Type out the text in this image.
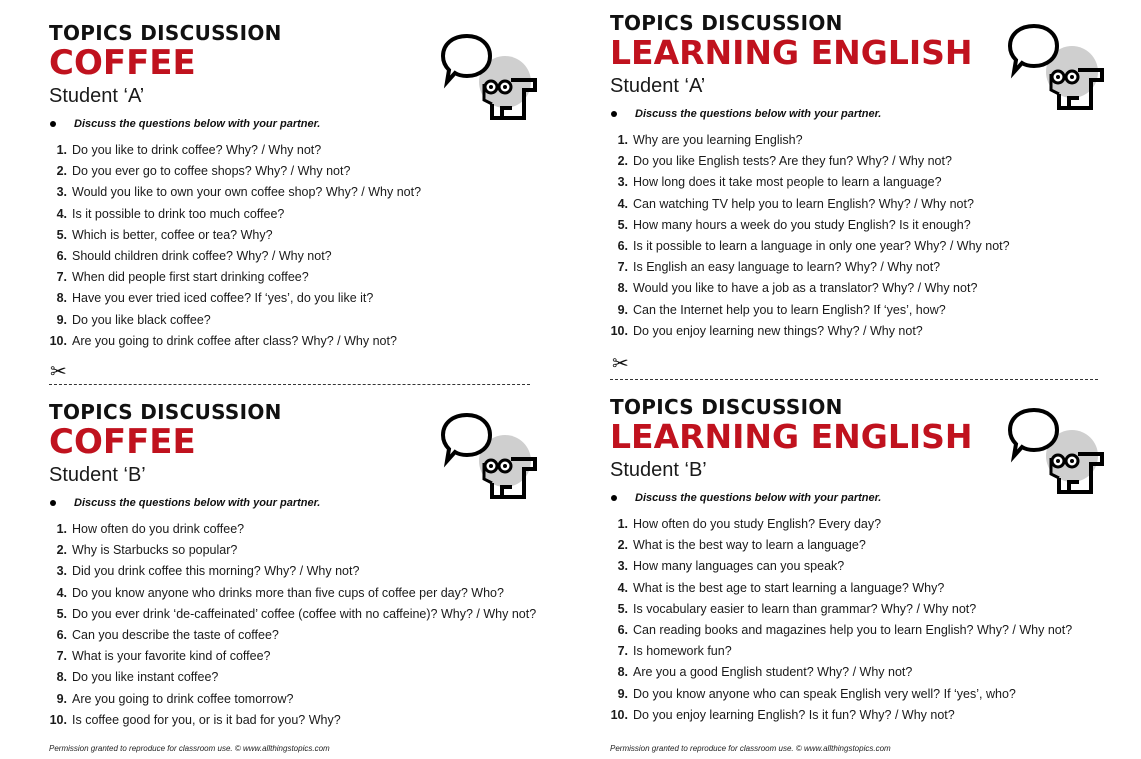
TOPICS DISCUSSION
COFFEE
Student ‘A’
Discuss the questions below with your partner.
1. Do you like to drink coffee? Why? / Why not?
2. Do you ever go to coffee shops? Why? / Why not?
3. Would you like to own your own coffee shop? Why? / Why not?
4. Is it possible to drink too much coffee?
5. Which is better, coffee or tea? Why?
6. Should children drink coffee? Why? / Why not?
7. When did people first start drinking coffee?
8. Have you ever tried iced coffee? If ‘yes’, do you like it?
9. Do you like black coffee?
10. Are you going to drink coffee after class? Why? / Why not?
TOPICS DISCUSSION
COFFEE
Student ‘B’
Discuss the questions below with your partner.
1. How often do you drink coffee?
2. Why is Starbucks so popular?
3. Did you drink coffee this morning? Why? / Why not?
4. Do you know anyone who drinks more than five cups of coffee per day? Who?
5. Do you ever drink ‘de-caffeinated’ coffee (coffee with no caffeine)? Why? / Why not?
6. Can you describe the taste of coffee?
7. What is your favorite kind of coffee?
8. Do you like instant coffee?
9. Are you going to drink coffee tomorrow?
10. Is coffee good for you, or is it bad for you? Why?
TOPICS DISCUSSION
LEARNING ENGLISH
Student ‘A’
Discuss the questions below with your partner.
1. Why are you learning English?
2. Do you like English tests? Are they fun? Why? / Why not?
3. How long does it take most people to learn a language?
4. Can watching TV help you to learn English? Why? / Why not?
5. How many hours a week do you study English? Is it enough?
6. Is it possible to learn a language in only one year? Why? / Why not?
7. Is English an easy language to learn? Why? / Why not?
8. Would you like to have a job as a translator? Why? / Why not?
9. Can the Internet help you to learn English? If ‘yes’, how?
10. Do you enjoy learning new things? Why? / Why not?
TOPICS DISCUSSION
LEARNING ENGLISH
Student ‘B’
Discuss the questions below with your partner.
1. How often do you study English? Every day?
2. What is the best way to learn a language?
3. How many languages can you speak?
4. What is the best age to start learning a language? Why?
5. Is vocabulary easier to learn than grammar? Why? / Why not?
6. Can reading books and magazines help you to learn English? Why? / Why not?
7. Is homework fun?
8. Are you a good English student? Why? / Why not?
9. Do you know anyone who can speak English very well? If ‘yes’, who?
10. Do you enjoy learning English? Is it fun? Why? / Why not?
✂	✂
Permission granted to reproduce for classroom use. © www.allthingstopics.com	Permission granted to reproduce for classroom use. © www.allthingstopics.com
